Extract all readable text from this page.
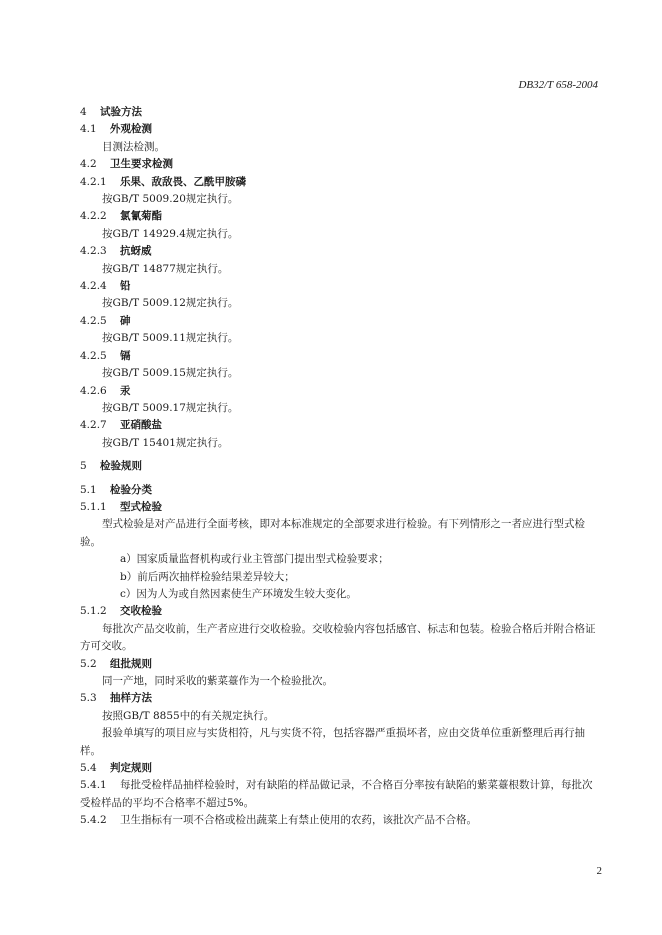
DB32/T 658-2004
4 试验方法
4.1 外观检测
目测法检测。
4.2 卫生要求检测
4.2.1 乐果、敌敌畏、乙酰甲胺磷
按GB/T 5009.20规定执行。
4.2.2 氯氰菊酯
按GB/T 14929.4规定执行。
4.2.3 抗蚜威
按GB/T 14877规定执行。
4.2.4 铅
按GB/T 5009.12规定执行。
4.2.5 砷
按GB/T 5009.11规定执行。
4.2.5 镉
按GB/T 5009.15规定执行。
4.2.6 汞
按GB/T 5009.17规定执行。
4.2.7 亚硝酸盐
按GB/T 15401规定执行。
5 检验规则
5.1 检验分类
5.1.1 型式检验
型式检验是对产品进行全面考核，即对本标准规定的全部要求进行检验。有下列情形之一者应进行型式检验。
a）国家质量监督机构或行业主管部门提出型式检验要求；
b）前后两次抽样检验结果差异较大；
c）因为人为或自然因素使生产环境发生较大变化。
5.1.2 交收检验
每批次产品交收前，生产者应进行交收检验。交收检验内容包括感官、标志和包装。检验合格后并附合格证方可交收。
5.2 组批规则
同一产地，同时采收的紫菜薹作为一个检验批次。
5.3 抽样方法
按照GB/T 8855中的有关规定执行。
报验单填写的项目应与实货相符，凡与实货不符，包括容器严重损坏者，应由交货单位重新整理后再行抽样。
5.4 判定规则
5.4.1 每批受检样品抽样检验时，对有缺陷的样品做记录，不合格百分率按有缺陷的紫菜薹根数计算，每批次受检样品的平均不合格率不超过5%。
5.4.2 卫生指标有一项不合格或检出蔬菜上有禁止使用的农药，该批次产品不合格。
2
